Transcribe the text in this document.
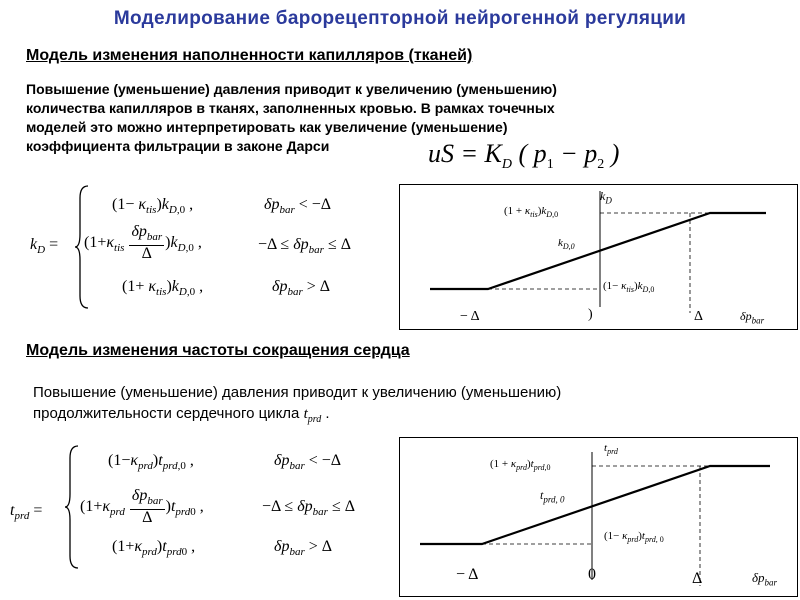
Моделирование барорецепторной нейрогенной регуляции
Модель изменения наполненности капилляров (тканей)
Повышение (уменьшение) давления приводит к увеличению (уменьшению)
количества капилляров в тканях, заполненных кровью. В рамках точечных
моделей это можно интерпретировать как увеличение (уменьшение)
коэффициента фильтрации в законе Дарси	uS = $K_D$ ( $p_1 - p_2$ )
$k_D$ =
$(1- \kappa_{tis})k_{D,0}$ ,	$\delta p_{bar} < -\Delta$
$(1+\kappa_{tis} \frac{\delta p_{bar}}{\Delta} )k_{D,0}$ ,	$-\Delta \le \delta p_{bar} \le \Delta$
$(1+ \kappa_{tis})k_{D,0}$ ,	$\delta p_{bar} > \Delta$
$k_D$
$(1 + \kappa_{tis})k_{D,0}$
$k_{D,0}$
$(1- \kappa_{tis})k_{D,0}$
− Δ	)	Δ	$\delta p_{bar}$
Модель изменения частоты сокращения сердца
Повышение (уменьшение) давления приводит к увеличению (уменьшению)
продолжительности сердечного цикла $t_{prd}$ .
$t_{prd}$ =
$(1-\kappa_{prd})t_{prd,0}$ ,	$\delta p_{bar} < -\Delta$
$(1+\kappa_{prd} \frac{\delta p_{bar}}{\Delta} )t_{prd0}$ ,	$-\Delta \le \delta p_{bar} \le \Delta$
$(1+\kappa_{prd})t_{prd0}$ ,	$\delta p_{bar} > \Delta$
$t_{prd}$
$(1 + \kappa_{prd})t_{prd,0}$
$t_{prd, 0}$
$(1- \kappa_{prd})t_{prd, 0}$
− Δ	0	Δ	$\delta p_{bar}$
